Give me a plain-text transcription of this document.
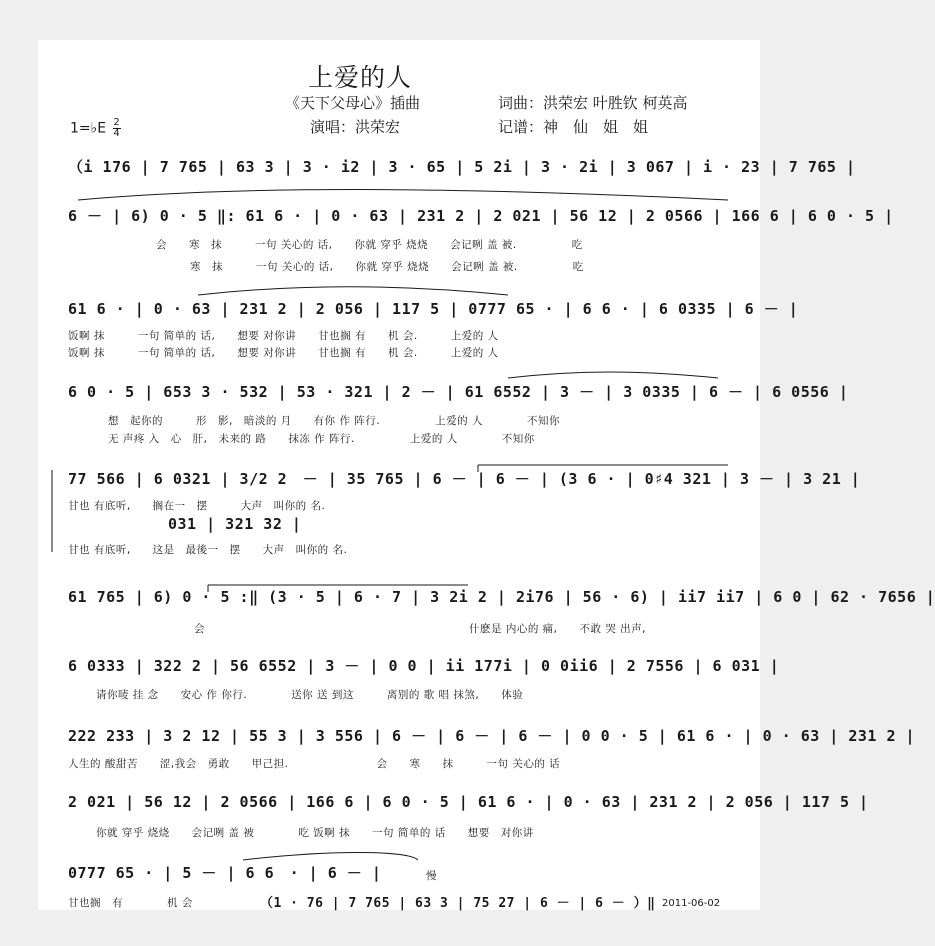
上爱的人
《天下父母心》插曲	词曲：洪荣宏 叶胜钦 柯英高
演唱：洪荣宏	记谱：神　仙　姐　姐
1=♭E $\frac{2}{4}$
（i 176 | 7 765 | 63 3 | 3 · i2 | 3 · 65 | 5 2i | 3 · 2i | 3 067 | i · 23 | 7 765 |
6 － | 6) 0 · 5 ‖: 61 6 · | 0 · 63 | 231 2 | 2 021 | 56 12 | 2 0566 | 166 6 | 6 0 · 5 |
会　　寒　抹　　　一句 关心的 话,　　你就 穿乎 烧烧　　会记咧 盖 被.　　　　　吃
寒　抹　　　一句 关心的 话,　　你就 穿乎 烧烧　　会记咧 盖 被.　　　　　吃
61 6 · | 0 · 63 | 231 2 | 2 056 | 117 5 | 0777 65 · | 6 6 · | 6 0335 | 6 － |
饭啊 抹　　　一句 简单的 话,　　想要 对你讲　　甘也搁 有　　机 会.　　　上爱的 人
饭啊 抹　　　一句 简单的 话,　　想要 对你讲　　甘也搁 有　　机 会.　　　上爱的 人
6 0 · 5 | 653 3 · 532 | 53 · 321 | 2 － | 61 6552 | 3 － | 3 0335 | 6 － | 6 0556 |
想　起你的　　　形　影,　暗淡的 月　　有你 作 阵行.　　　　　上爱的 人　　　　不知你
无 声疼 入　心　肝,　未来的 路　　抹冻 作 阵行.　　　　　上爱的 人　　　　不知你
77 566 | 6 0321 | 3/2 2　－ | 35 765 | 6 － | 6 － | (3 6 · | 0♯4 321 | 3 － | 3 21 |
甘也 有底听,　　搁在一　摆　　　大声　叫你的 名.
031 | 321 32 |
甘也 有底听,　　这是　最後一　摆　　大声　叫你的 名.
61 765 | 6) 0 · 5 :‖ (3 · 5 | 6 · 7 | 3 2i 2 | 2i76 | 56 · 6) | ii7 ii7 | 6 0 | 62 · 7656 |
会　　　　　　　　　　　　　　　　　　　　　　　　什麽是 内心的 痛,　　不敢 哭 出声,
6 0333 | 322 2 | 56 6552 | 3 － | 0 0 | ii 177i | 0 0ii6 | 2 7556 | 6 031 |
请你唛 挂 念　　安心 作 你行.　　　　送你 送 到这　　　离别的 歌 唱 抹煞,　　体验
222 233 | 3 2 12 | 55 3 | 3 556 | 6 － | 6 － | 6 － | 0 0 · 5 | 61 6 · | 0 · 63 | 231 2 |
人生的 酸甜苦　　涩,我会　勇敢　　甲己担.　　　　　　　　会　　寒　　抹　　　一句 关心的 话
2 021 | 56 12 | 2 0566 | 166 6 | 6 0 · 5 | 61 6 · | 0 · 63 | 231 2 | 2 056 | 117 5 |
你就 穿乎 烧烧　　会记咧 盖 被　　　　吃 饭啊 抹　　一句 简单的 话　　想要　对你讲
0777 65 · | 5 － | 6 6　· | 6 － |	慢
甘也搁　有　　　　机 会	（1 · 76 | 7 765 | 63 3 | 75 27 | 6 － | 6 － ）‖ 2011-06-02
